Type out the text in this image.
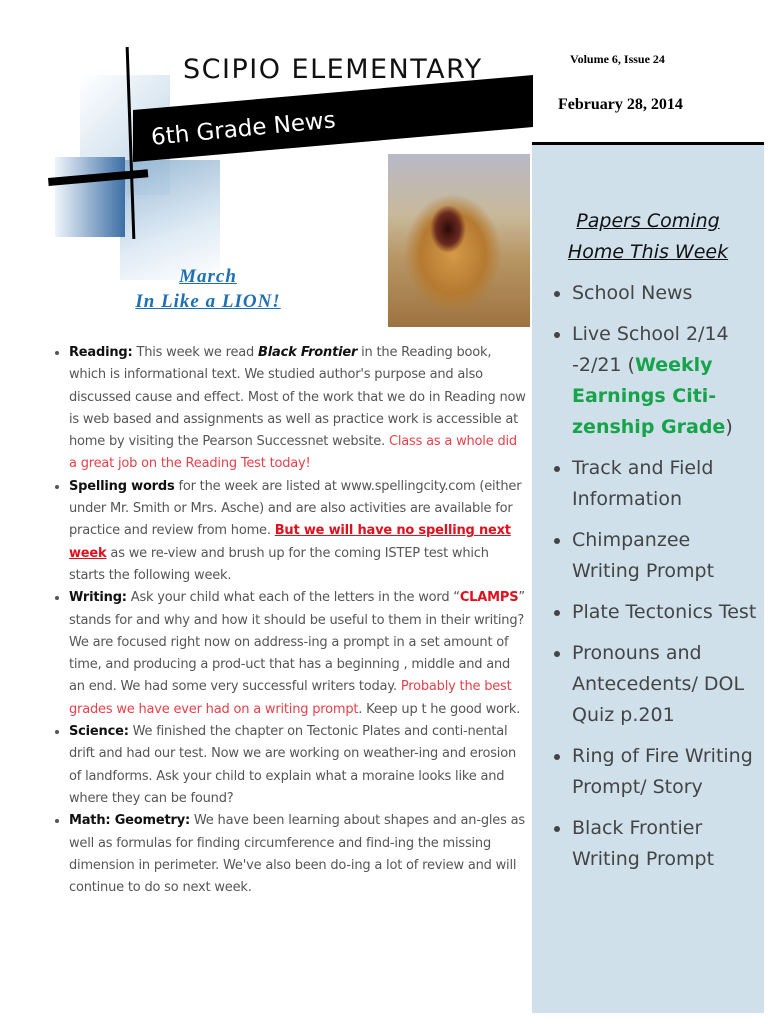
SCIPIO ELEMENTARY
6th Grade News
Volume 6, Issue 24
February 28, 2014
March
In Like a LION!
• Reading: This week we read Black Frontier in the Reading book, which is informational text. We studied author's purpose and also discussed cause and effect. Most of the work that we do in Reading now is web based and assignments as well as practice work is accessible at home by visiting the Pearson Successnet website. Class as a whole did a great job on the Reading Test today!
• Spelling words for the week are listed at www.spellingcity.com (either under Mr. Smith or Mrs. Asche) and are also activities are available for practice and review from home. But we will have no spelling next week as we re-view and brush up for the coming ISTEP test which starts the following week.
• Writing: Ask your child what each of the letters in the word “CLAMPS” stands for and why and how it should be useful to them in their writing? We are focused right now on address-ing a prompt in a set amount of time, and producing a prod-uct that has a beginning , middle and and an end. We had some very successful writers today. Probably the best grades we have ever had on a writing prompt. Keep up t he good work.
• Science: We finished the chapter on Tectonic Plates and conti-nental drift and had our test. Now we are working on weather-ing and erosion of landforms. Ask your child to explain what a moraine looks like and where they can be found?
• Math: Geometry: We have been learning about shapes and an-gles as well as formulas for finding circumference and find-ing the missing dimension in perimeter. We've also been do-ing a lot of review and will continue to do so next week.
Papers Coming
Home This Week
• School News
• Live School 2/14 -2/21 (Weekly Earnings Citi-zenship Grade)
• Track and Field Information
• Chimpanzee Writing Prompt
• Plate Tectonics Test
• Pronouns and Antecedents/ DOL Quiz p.201
• Ring of Fire Writing Prompt/ Story
• Black Frontier Writing Prompt
